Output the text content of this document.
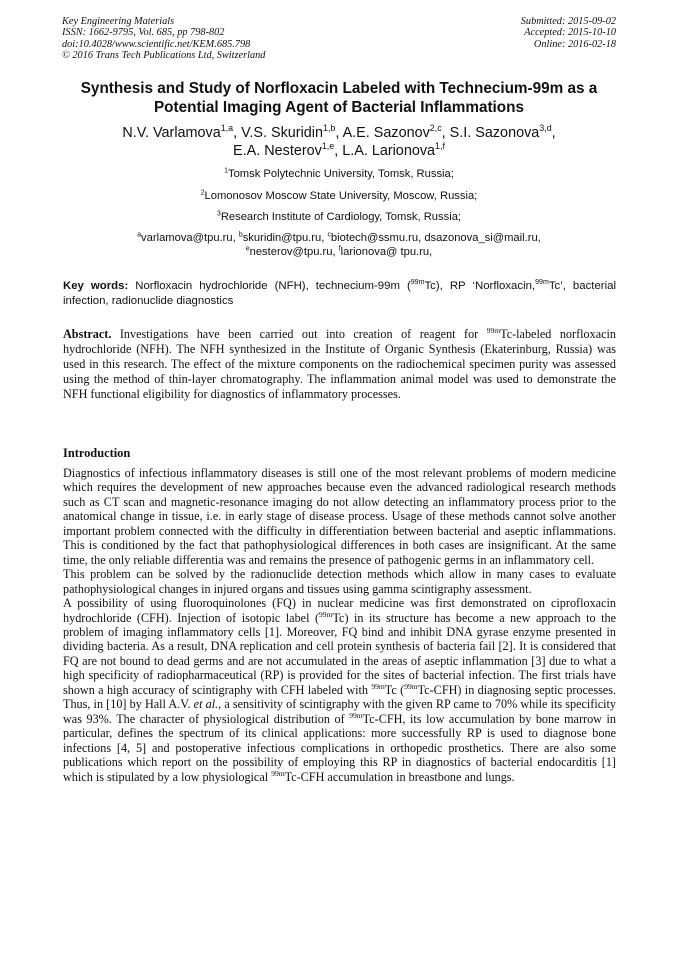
Key Engineering Materials
ISSN: 1662-9795, Vol. 685, pp 798-802
doi:10.4028/www.scientific.net/KEM.685.798
© 2016 Trans Tech Publications Ltd, Switzerland
Submitted: 2015-09-02
Accepted: 2015-10-10
Online: 2016-02-18
Synthesis and Study of Norfloxacin Labeled with Technecium-99m as a
Potential Imaging Agent of Bacterial Inflammations
N.V. Varlamova$^{1,a}$, V.S. Skuridin$^{1,b}$, A.E. Sazonov$^{2,c}$, S.I. Sazonova$^{3,d}$,
E.A. Nesterov$^{1,e}$, L.A. Larionova$^{1,f}$
$^1$Tomsk Polytechnic University, Tomsk, Russia;
$^2$Lomonosov Moscow State University, Moscow, Russia;
$^3$Research Institute of Cardiology, Tomsk, Russia;
$^a$varlamova@tpu.ru, $^b$skuridin@tpu.ru, $^c$biotech@ssmu.ru, dsazonova_si@mail.ru,
$^e$nesterov@tpu.ru, $^f$larionova@ tpu.ru,
Key words: Norfloxacin hydrochloride (NFH), technecium-99m ($^{99m}$Tc), RP ‘Norfloxacin,$^{99m}$Tc’, bacterial infection, radionuclide diagnostics
Abstract. Investigations have been carried out into creation of reagent for $^{99m}$Tc-labeled norfloxacin hydrochloride (NFH). The NFH synthesized in the Institute of Organic Synthesis (Ekaterinburg, Russia) was used in this research. The effect of the mixture components on the radiochemical specimen purity was assessed using the method of thin-layer chromatography. The inflammation animal model was used to demonstrate the NFH functional eligibility for diagnostics of inflammatory processes.
Introduction

Diagnostics of infectious inflammatory diseases is still one of the most relevant problems of modern medicine which requires the development of new approaches because even the advanced radiological research methods such as CT scan and magnetic-resonance imaging do not allow detecting an inflammatory process prior to the anatomical change in tissue, i.e. in early stage of disease process. Usage of these methods cannot solve another important problem connected with the difficulty in differentiation between bacterial and aseptic inflammations. This is conditioned by the fact that pathophysiological differences in both cases are insignificant. At the same time, the only reliable differentia was and remains the presence of pathogenic germs in an inflammatory cell.

This problem can be solved by the radionuclide detection methods which allow in many cases to evaluate pathophysiological changes in injured organs and tissues using gamma scintigraphy assessment.

A possibility of using fluoroquinolones (FQ) in nuclear medicine was first demonstrated on ciprofloxacin hydrochloride (CFH). Injection of isotopic label ($^{99m}$Tc) in its structure has become a new approach to the problem of imaging inflammatory cells [1]. Moreover, FQ bind and inhibit DNA gyrase enzyme presented in dividing bacteria. As a result, DNA replication and cell protein synthesis of bacteria fail [2]. It is considered that FQ are not bound to dead germs and are not accumulated in the areas of aseptic inflammation [3] due to what a high specificity of radiopharmaceutical (RP) is provided for the sites of bacterial infection. The first trials have shown a high accuracy of scintigraphy with CFH labeled with $^{99m}$Tc ($^{99m}$Tc-CFH) in diagnosing septic processes. Thus, in [10] by Hall A.V. et al., a sensitivity of scintigraphy with the given RP came to 70% while its specificity was 93%. The character of physiological distribution of $^{99m}$Tc-CFH, its low accumulation by bone marrow in particular, defines the spectrum of its clinical applications: more successfully RP is used to diagnose bone infections [4, 5] and postoperative infectious complications in orthopedic prosthetics. There are also some publications which report on the possibility of employing this RP in diagnostics of bacterial endocarditis [1] which is stipulated by a low physiological $^{99m}$Tc-CFH accumulation in breastbone and lungs.
